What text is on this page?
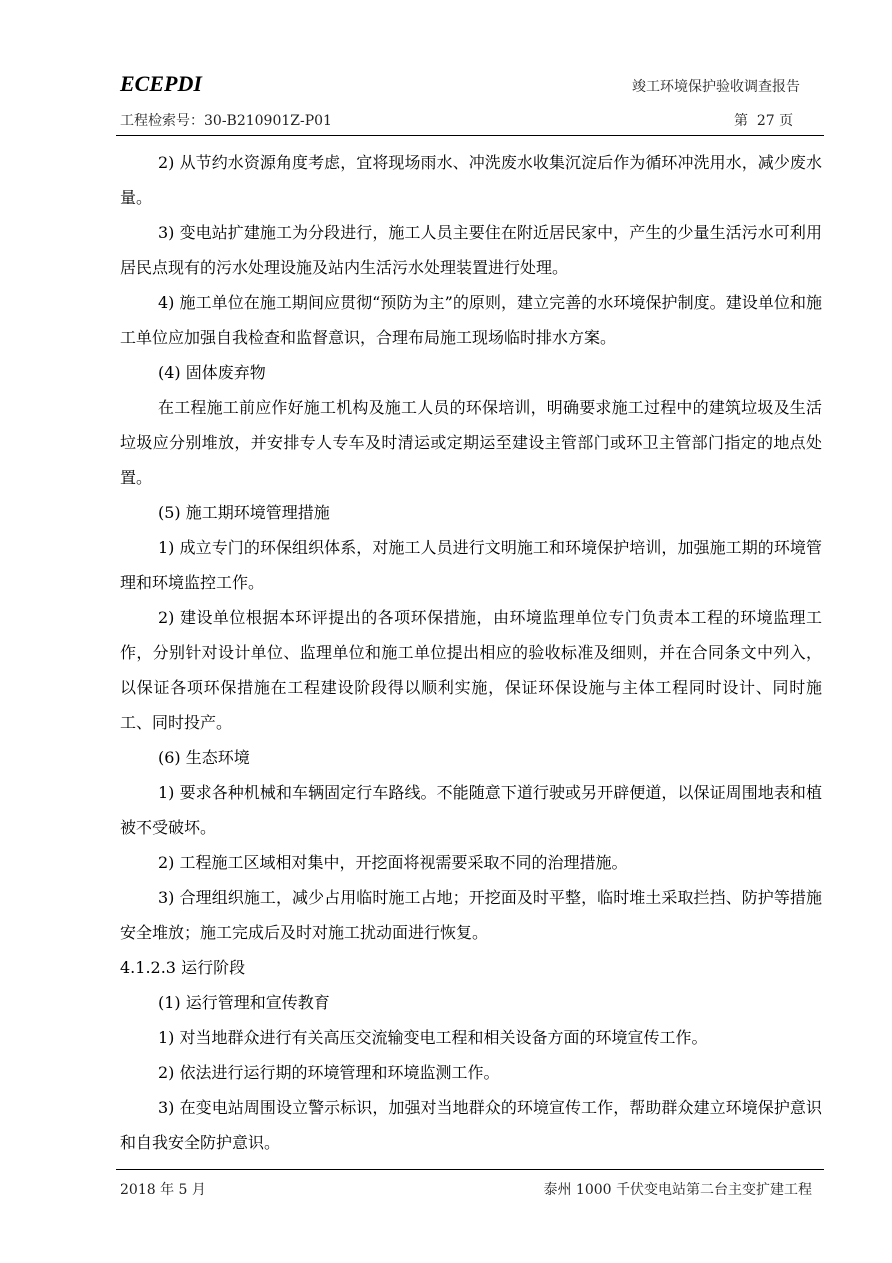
ECEPDI	竣工环境保护验收调查报告
工程检索号：30-B210901Z-P01	第  27 页

2) 从节约水资源角度考虑，宜将现场雨水、冲洗废水收集沉淀后作为循环冲洗用水，减少废水量。

3) 变电站扩建施工为分段进行，施工人员主要住在附近居民家中，产生的少量生活污水可利用居民点现有的污水处理设施及站内生活污水处理装置进行处理。

4) 施工单位在施工期间应贯彻“预防为主”的原则，建立完善的水环境保护制度。建设单位和施工单位应加强自我检查和监督意识，合理布局施工现场临时排水方案。

(4) 固体废弃物

在工程施工前应作好施工机构及施工人员的环保培训，明确要求施工过程中的建筑垃圾及生活垃圾应分别堆放，并安排专人专车及时清运或定期运至建设主管部门或环卫主管部门指定的地点处置。

(5) 施工期环境管理措施

1) 成立专门的环保组织体系，对施工人员进行文明施工和环境保护培训，加强施工期的环境管理和环境监控工作。

2) 建设单位根据本环评提出的各项环保措施，由环境监理单位专门负责本工程的环境监理工作，分别针对设计单位、监理单位和施工单位提出相应的验收标准及细则，并在合同条文中列入，以保证各项环保措施在工程建设阶段得以顺利实施，保证环保设施与主体工程同时设计、同时施工、同时投产。

(6) 生态环境

1) 要求各种机械和车辆固定行车路线。不能随意下道行驶或另开辟便道，以保证周围地表和植被不受破坏。

2) 工程施工区域相对集中，开挖面将视需要采取不同的治理措施。

3) 合理组织施工，减少占用临时施工占地；开挖面及时平整，临时堆土采取拦挡、防护等措施安全堆放；施工完成后及时对施工扰动面进行恢复。

4.1.2.3 运行阶段

(1) 运行管理和宣传教育

1) 对当地群众进行有关高压交流输变电工程和相关设备方面的环境宣传工作。

2) 依法进行运行期的环境管理和环境监测工作。

3) 在变电站周围设立警示标识，加强对当地群众的环境宣传工作，帮助群众建立环境保护意识和自我安全防护意识。

2018 年 5 月	泰州 1000 千伏变电站第二台主变扩建工程
